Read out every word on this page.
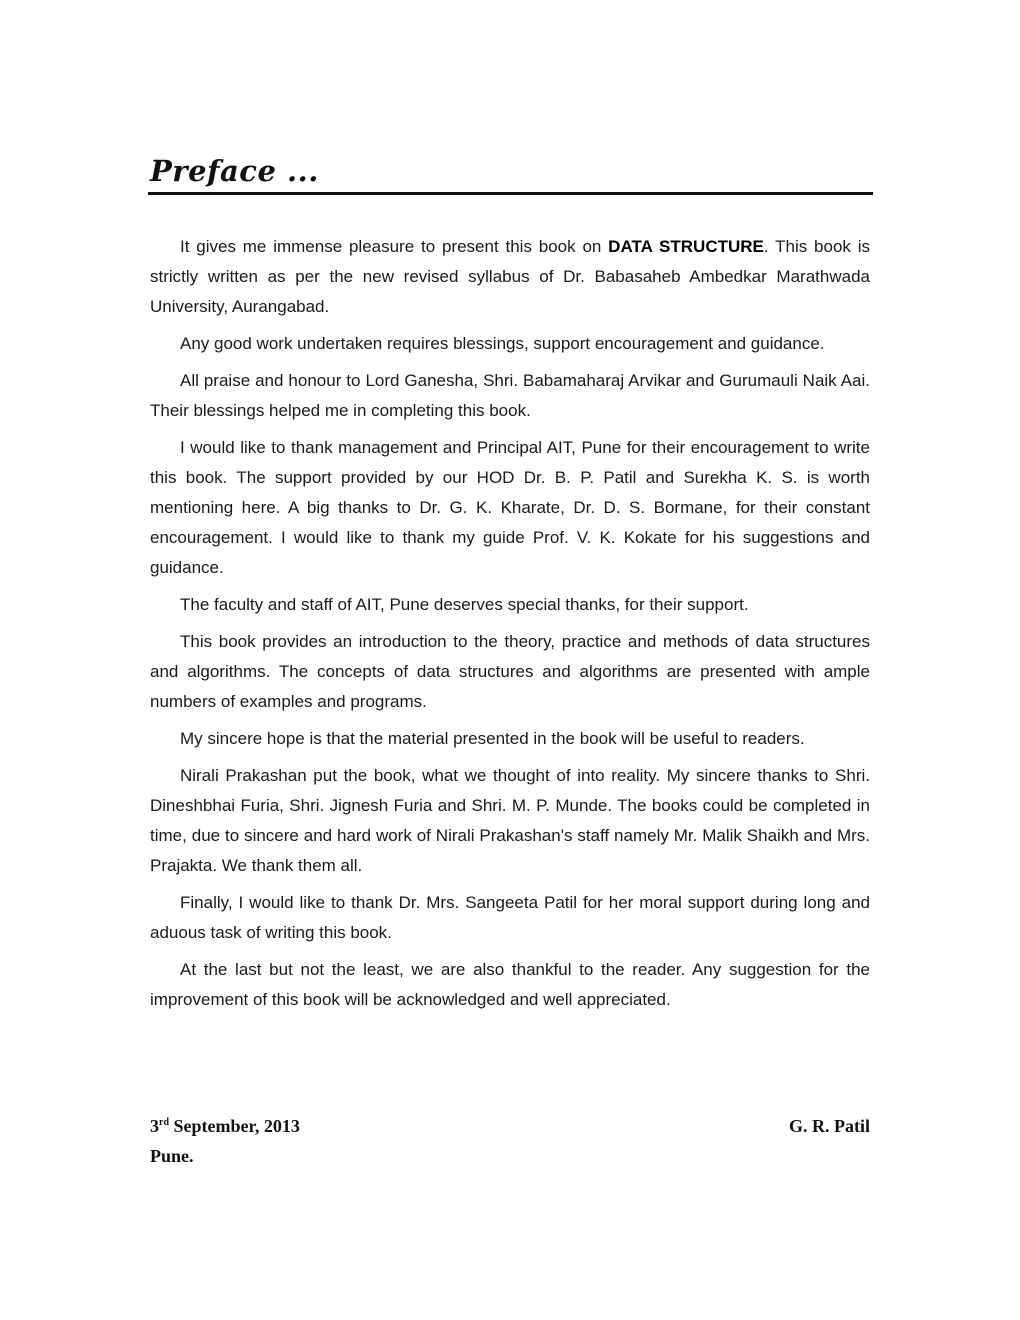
Preface ...

It gives me immense pleasure to present this book on DATA STRUCTURE. This book is strictly written as per the new revised syllabus of Dr. Babasaheb Ambedkar Marathwada University, Aurangabad.

Any good work undertaken requires blessings, support encouragement and guidance.

All praise and honour to Lord Ganesha, Shri. Babamaharaj Arvikar and Gurumauli Naik Aai. Their blessings helped me in completing this book.

I would like to thank management and Principal AIT, Pune for their encouragement to write this book. The support provided by our HOD Dr. B. P. Patil and Surekha K. S. is worth mentioning here. A big thanks to Dr. G. K. Kharate, Dr. D. S. Bormane, for their constant encouragement. I would like to thank my guide Prof. V. K. Kokate for his suggestions and guidance.

The faculty and staff of AIT, Pune deserves special thanks, for their support.

This book provides an introduction to the theory, practice and methods of data structures and algorithms. The concepts of data structures and algorithms are presented with ample numbers of examples and programs.

My sincere hope is that the material presented in the book will be useful to readers.

Nirali Prakashan put the book, what we thought of into reality. My sincere thanks to Shri. Dineshbhai Furia, Shri. Jignesh Furia and Shri. M. P. Munde. The books could be completed in time, due to sincere and hard work of Nirali Prakashan's staff namely Mr. Malik Shaikh and Mrs. Prajakta. We thank them all.

Finally, I would like to thank Dr. Mrs. Sangeeta Patil for her moral support during long and aduous task of writing this book.

At the last but not the least, we are also thankful to the reader. Any suggestion for the improvement of this book will be acknowledged and well appreciated.

3rd September, 2013	G. R. Patil
Pune.
